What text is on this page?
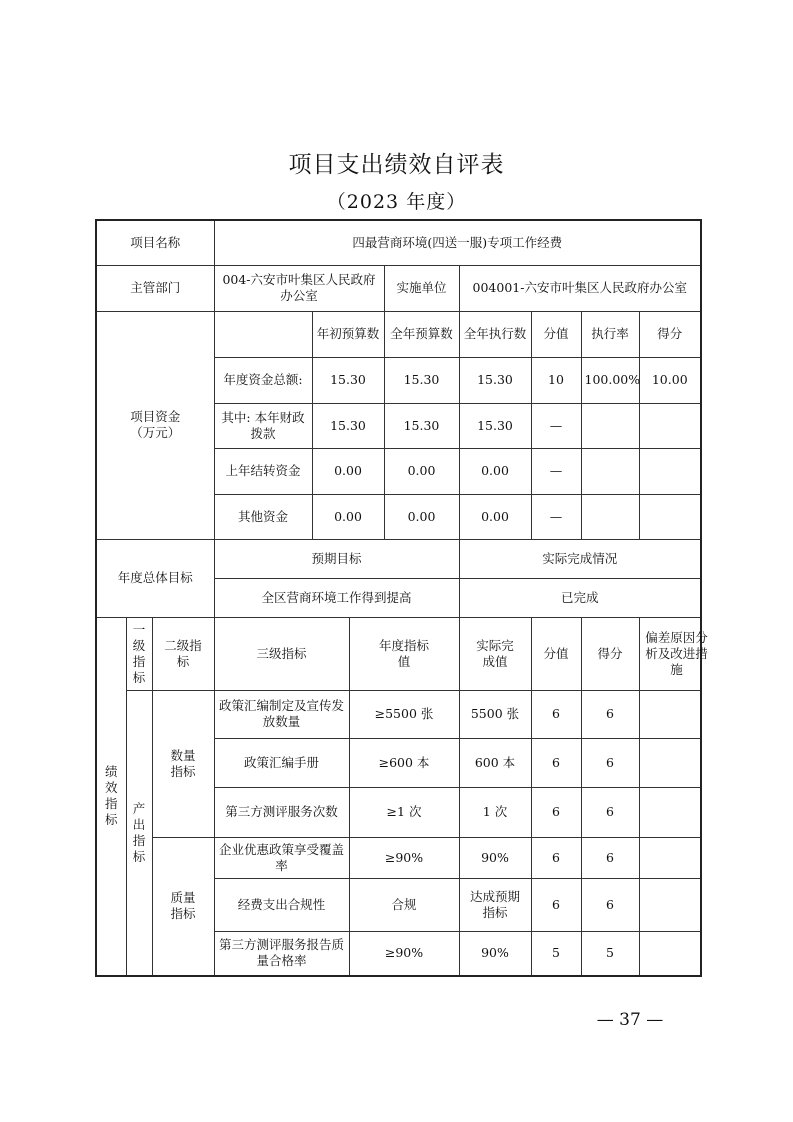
项目支出绩效自评表
（2023 年度）
项目名称			四最营商环境(四送一服)专项工作经费							
主管部门			004-六安市叶集区人民政府办公室			实施单位	004001-六安市叶集区人民政府办公室			
项目资金（万元）				年初预算数		全年预算数	全年执行数	分值	执行率	得分
			年度资金总额:	15.30		15.30	15.30	10	100.00%	10.00
			其中: 本年财政拨款	15.30		15.30	15.30	—		
			上年结转资金	0.00		0.00	0.00	—		
			其他资金	0.00		0.00	0.00	—		
年度总体目标			预期目标				实际完成情况			
			全区营商环境工作得到提高				已完成			
绩效指标	一级指标	二级指标	三级指标		年度指标值		实际完成值	分值	得分	偏差原因分析及改进措施
	产出指标	数量指标	政策汇编制定及宣传发放数量		≥5500 张		5500 张	6	6	
			政策汇编手册		≥600 本		600 本	6	6	
			第三方测评服务次数		≥1 次		1 次	6	6	
		质量指标	企业优惠政策享受覆盖率		≥90%		90%	6	6	
			经费支出合规性		合规		达成预期指标	6	6	
			第三方测评服务报告质量合格率		≥90%		90%	5	5	
— 37 —
